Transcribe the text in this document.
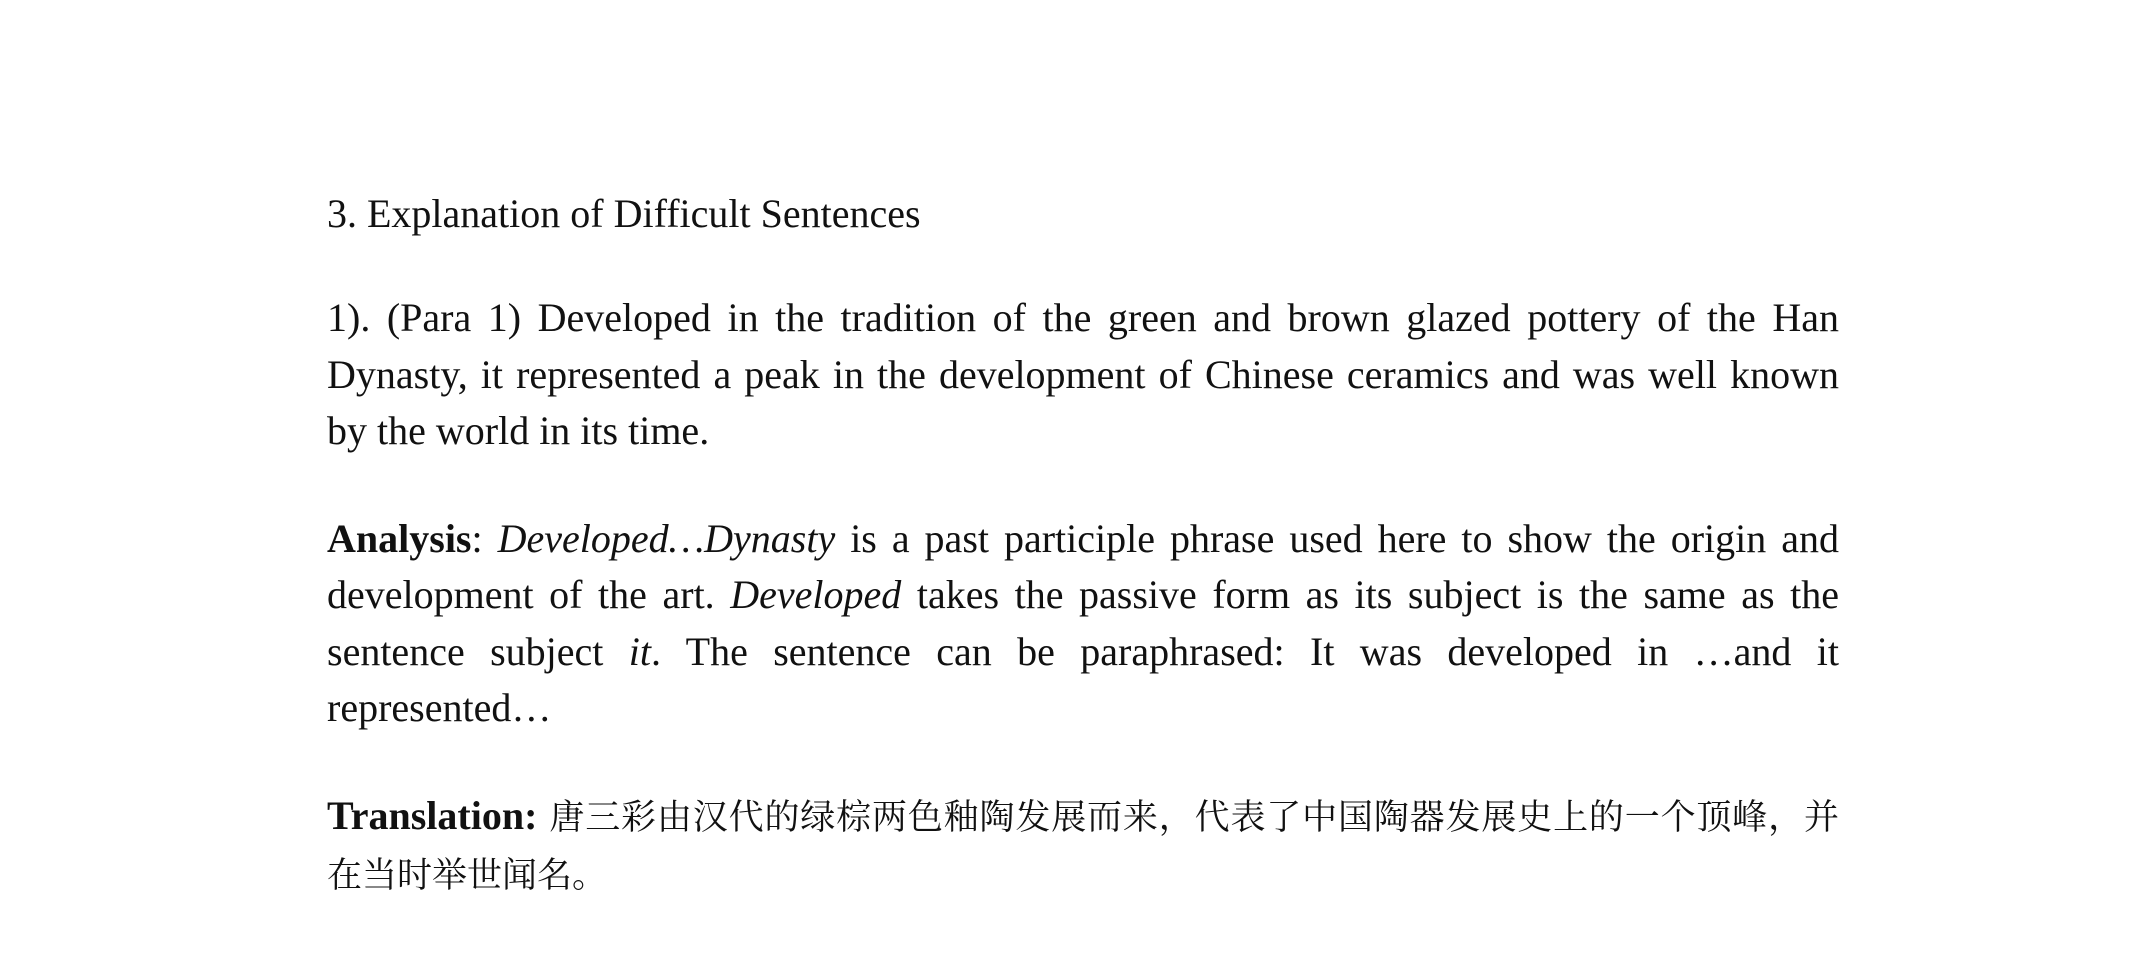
3. Explanation of Difficult Sentences
1). (Para 1) Developed in the tradition of the green and brown glazed pottery of the Han Dynasty, it represented a peak in the development of Chinese ceramics and was well known by the world in its time.
Analysis: Developed…Dynasty is a past participle phrase used here to show the origin and development of the art. Developed takes the passive form as its subject is the same as the sentence subject it. The sentence can be paraphrased: It was developed in …and it represented…
Translation: 唐三彩由汉代的绿棕两色釉陶发展而来，代表了中国陶器发展史上的一个顶峰，并在当时举世闻名。
